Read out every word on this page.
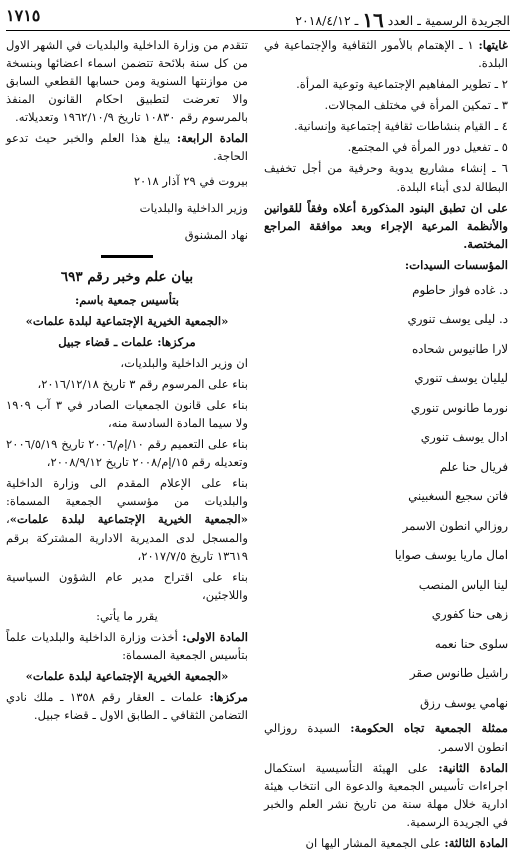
الجريدة الرسمية ـ العدد ١٦ ـ ٢٠١٨/٤/١٢
١٧١٥

غايتها: ١ ـ الإهتمام بالأمور الثقافية والإجتماعية في البلدة.

٢ ـ تطوير المفاهيم الإجتماعية وتوعية المرأة.

٣ ـ تمكين المرأة في مختلف المجالات.

٤ ـ القيام بنشاطات ثقافية إجتماعية وإنسانية.

٥ ـ تفعيل دور المرأة في المجتمع.

٦ ـ إنشاء مشاريع يدوية وحرفية من أجل تخفيف البطالة لدى أبناء البلدة.

على ان تطبق البنود المذكورة أعلاه وفقاً للقوانين والأنظمة المرعية الإجراء وبعد موافقة المراجع المختصة.

المؤسسات السيدات:

د. غاده فواز حاطوم

د. ليلى يوسف تنوري

لارا طانيوس شحاده

ليليان يوسف تنوري

نورما طانوس تنوري

ادال يوسف تنوري

فريال حنا علم

فاتن سجيع السغبيني

روزالي انطون الاسمر

امال ماريا يوسف صوايا

لينا الياس المنصب

زهى حنا كفوري

سلوى حنا نعمه

راشيل طانوس صقر

نهامي يوسف رزق

ممثلة الجمعية تجاه الحكومة: السيدة روزالي انطون الاسمر.

المادة الثانية: على الهيئة التأسيسية استكمال اجراءات تأسيس الجمعية والدعوة الى انتخاب هيئة ادارية خلال مهلة سنة من تاريخ نشر العلم والخبر في الجريدة الرسمية.

المادة الثالثة: على الجمعية المشار اليها ان

تتقدم من وزارة الداخلية والبلديات في الشهر الاول من كل سنة بلائحة تتضمن اسماء اعضائها وبنسخة من موازنتها السنوية ومن حسابها القطعي السابق والا تعرضت لتطبيق احكام القانون المنفذ بالمرسوم رقم ١٠٨٣٠ تاريخ ١٩٦٢/١٠/٩ وتعديلاته.

المادة الرابعة: يبلغ هذا العلم والخبر حيث تدعو الحاجة.

بيروت في ٢٩ آذار ٢٠١٨

وزير الداخلية والبلديات

نهاد المشنوق

بيان علم وخبر رقم ٦٩٣

بتأسيس جمعية باسم:

«الجمعية الخيرية الإجتماعية لبلدة علمات»

مركزها: علمات ـ قضاء جبيل

ان وزير الداخلية والبلديات،

بناء على المرسوم رقم ٣ تاريخ ٢٠١٦/١٢/١٨،

بناء على قانون الجمعيات الصادر في ٣ آب ١٩٠٩ ولا سيما المادة السادسة منه،

بناء على التعميم رقم ١٠/إم/٢٠٠٦ تاريخ ٢٠٠٦/٥/١٩ وتعديله رقم ١٥/إم/٢٠٠٨ تاريخ ٢٠٠٨/٩/١٢،

بناء على الإعلام المقدم الى وزارة الداخلية والبلديات من مؤسسي الجمعية المسماة: «الجمعية الخيرية الإجتماعية لبلدة علمات»، والمسجل لدى المديرية الادارية المشتركة برقم ١٣٦١٩ تاريخ ٢٠١٧/٧/٥،

بناء على اقتراح مدير عام الشؤون السياسية واللاجئين،

يقرر ما يأتي:

المادة الاولى: أخذت وزارة الداخلية والبلديات علماً بتأسيس الجمعية المسماة:

«الجمعية الخيرية الإجتماعية لبلدة علمات»

مركزها: علمات ـ العقار رقم ١٣٥٨ ـ ملك نادي التضامن الثقافي ـ الطابق الاول ـ قضاء جبيل.
